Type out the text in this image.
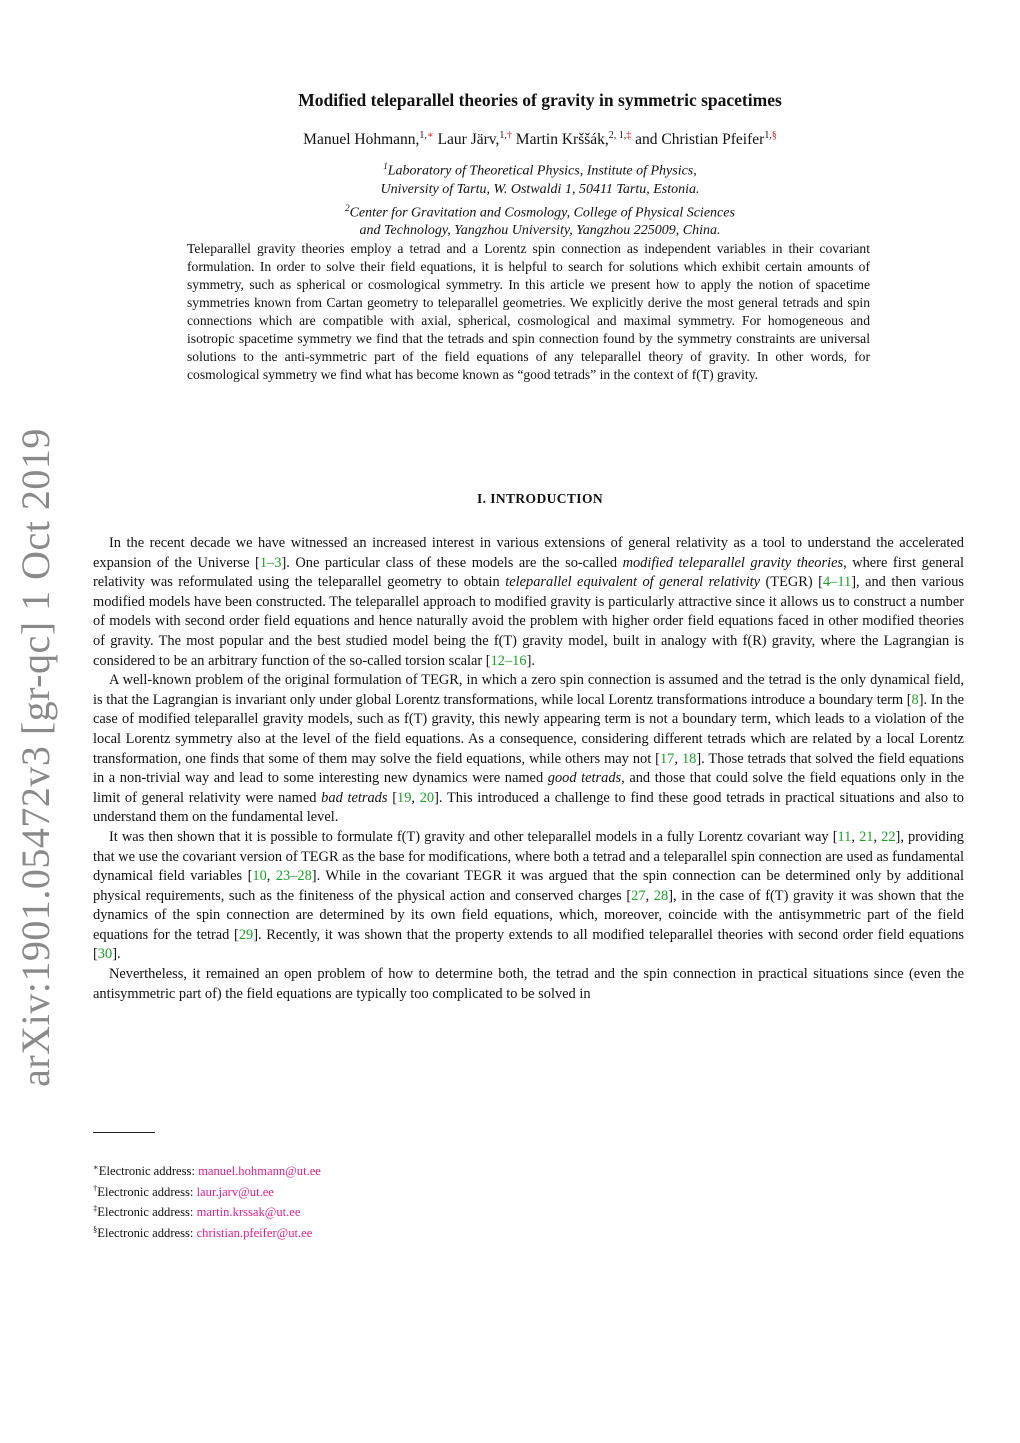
arXiv:1901.05472v3 [gr-qc] 1 Oct 2019
Modified teleparallel theories of gravity in symmetric spacetimes
Manuel Hohmann,$^{1,∗}$ Laur Järv,$^{1,\dagger}$ Martin Krššák,$^{2, 1,\ddagger}$ and Christian Pfeifer$^{1,\S}$
$^1$Laboratory of Theoretical Physics, Institute of Physics,
University of Tartu, W. Ostwaldi 1, 50411 Tartu, Estonia.
$^2$Center for Gravitation and Cosmology, College of Physical Sciences
and Technology, Yangzhou University, Yangzhou 225009, China.

Teleparallel gravity theories employ a tetrad and a Lorentz spin connection as independent variables in their covariant formulation. In order to solve their field equations, it is helpful to search for solutions which exhibit certain amounts of symmetry, such as spherical or cosmological symmetry. In this article we present how to apply the notion of spacetime symmetries known from Cartan geometry to teleparallel geometries. We explicitly derive the most general tetrads and spin connections which are compatible with axial, spherical, cosmological and maximal symmetry. For homogeneous and isotropic spacetime symmetry we find that the tetrads and spin connection found by the symmetry constraints are universal solutions to the anti-symmetric part of the field equations of any teleparallel theory of gravity. In other words, for cosmological symmetry we find what has become known as “good tetrads” in the context of f(T) gravity.

I. INTRODUCTION

In the recent decade we have witnessed an increased interest in various extensions of general relativity as a tool to understand the accelerated expansion of the Universe [1–3]. One particular class of these models are the so-called modified teleparallel gravity theories, where first general relativity was reformulated using the teleparallel geometry to obtain teleparallel equivalent of general relativity (TEGR) [4–11], and then various modified models have been constructed. The teleparallel approach to modified gravity is particularly attractive since it allows us to construct a number of models with second order field equations and hence naturally avoid the problem with higher order field equations faced in other modified theories of gravity. The most popular and the best studied model being the f(T) gravity model, built in analogy with f(R) gravity, where the Lagrangian is considered to be an arbitrary function of the so-called torsion scalar [12–16].

A well-known problem of the original formulation of TEGR, in which a zero spin connection is assumed and the tetrad is the only dynamical field, is that the Lagrangian is invariant only under global Lorentz transformations, while local Lorentz transformations introduce a boundary term [8]. In the case of modified teleparallel gravity models, such as f(T) gravity, this newly appearing term is not a boundary term, which leads to a violation of the local Lorentz symmetry also at the level of the field equations. As a consequence, considering different tetrads which are related by a local Lorentz transformation, one finds that some of them may solve the field equations, while others may not [17, 18]. Those tetrads that solved the field equations in a non-trivial way and lead to some interesting new dynamics were named good tetrads, and those that could solve the field equations only in the limit of general relativity were named bad tetrads [19, 20]. This introduced a challenge to find these good tetrads in practical situations and also to understand them on the fundamental level.

It was then shown that it is possible to formulate f(T) gravity and other teleparallel models in a fully Lorentz covariant way [11, 21, 22], providing that we use the covariant version of TEGR as the base for modifications, where both a tetrad and a teleparallel spin connection are used as fundamental dynamical field variables [10, 23–28]. While in the covariant TEGR it was argued that the spin connection can be determined only by additional physical requirements, such as the finiteness of the physical action and conserved charges [27, 28], in the case of f(T) gravity it was shown that the dynamics of the spin connection are determined by its own field equations, which, moreover, coincide with the antisymmetric part of the field equations for the tetrad [29]. Recently, it was shown that the property extends to all modified teleparallel theories with second order field equations [30].

Nevertheless, it remained an open problem of how to determine both, the tetrad and the spin connection in practical situations since (even the antisymmetric part of) the field equations are typically too complicated to be solved in

∗Electronic address: manuel.hohmann@ut.ee
†Electronic address: laur.jarv@ut.ee
‡Electronic address: martin.krssak@ut.ee
§Electronic address: christian.pfeifer@ut.ee
